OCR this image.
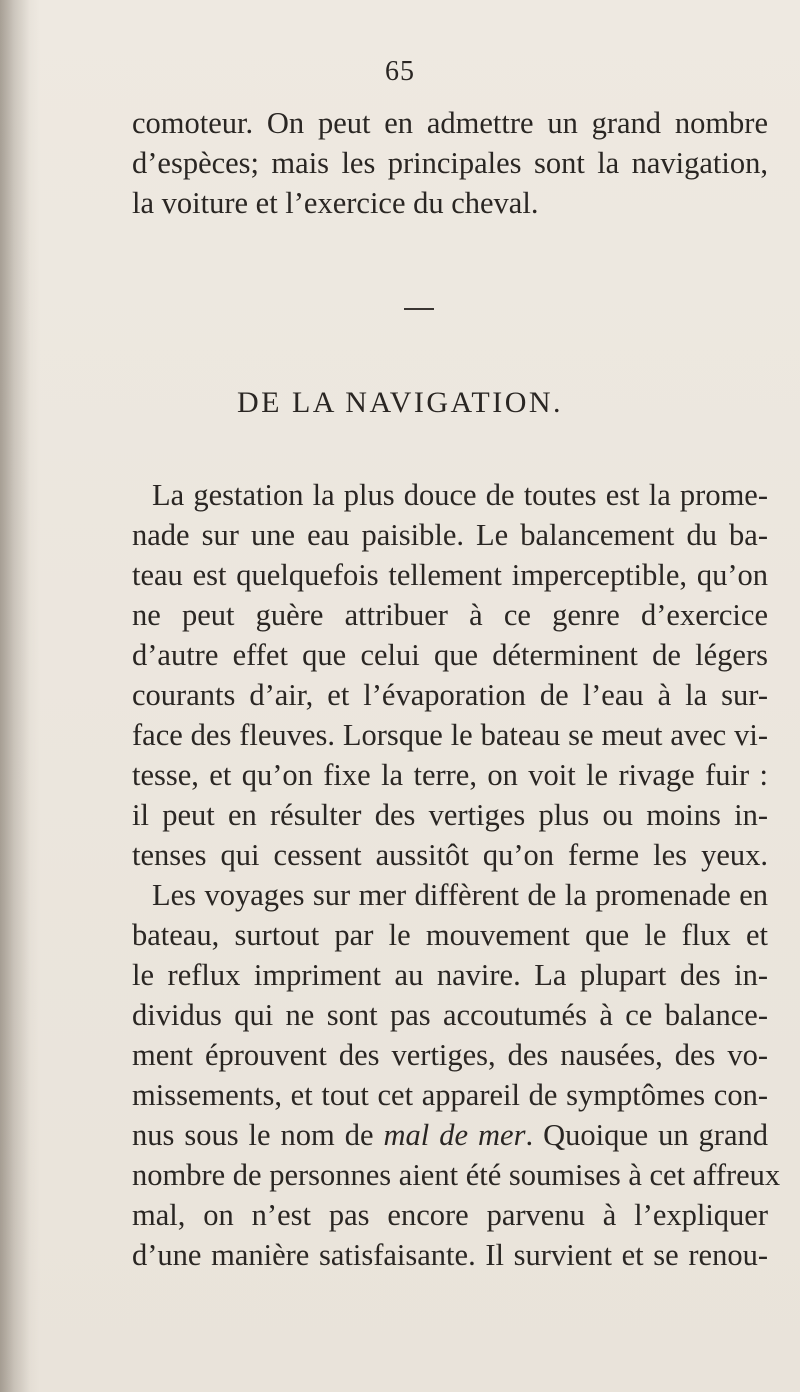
65
comoteur. On peut en admettre un grand nombre
d’espèces; mais les principales sont la navigation,
la voiture et l’exercice du cheval.
DE LA NAVIGATION.
La gestation la plus douce de toutes est la prome-
nade sur une eau paisible. Le balancement du ba-
teau est quelquefois tellement imperceptible, qu’on
ne peut guère attribuer à ce genre d’exercice
d’autre effet que celui que déterminent de légers
courants d’air, et l’évaporation de l’eau à la sur-
face des fleuves. Lorsque le bateau se meut avec vi-
tesse, et qu’on fixe la terre, on voit le rivage fuir :
il peut en résulter des vertiges plus ou moins in-
tenses qui cessent aussitôt qu’on ferme les yeux.
Les voyages sur mer diffèrent de la promenade en
bateau, surtout par le mouvement que le flux et
le reflux impriment au navire. La plupart des in-
dividus qui ne sont pas accoutumés à ce balance-
ment éprouvent des vertiges, des nausées, des vo-
missements, et tout cet appareil de symptômes con-
nus sous le nom de mal de mer. Quoique un grand
nombre de personnes aient été soumises à cet affreux
mal, on n’est pas encore parvenu à l’expliquer
d’une manière satisfaisante. Il survient et se renou-
